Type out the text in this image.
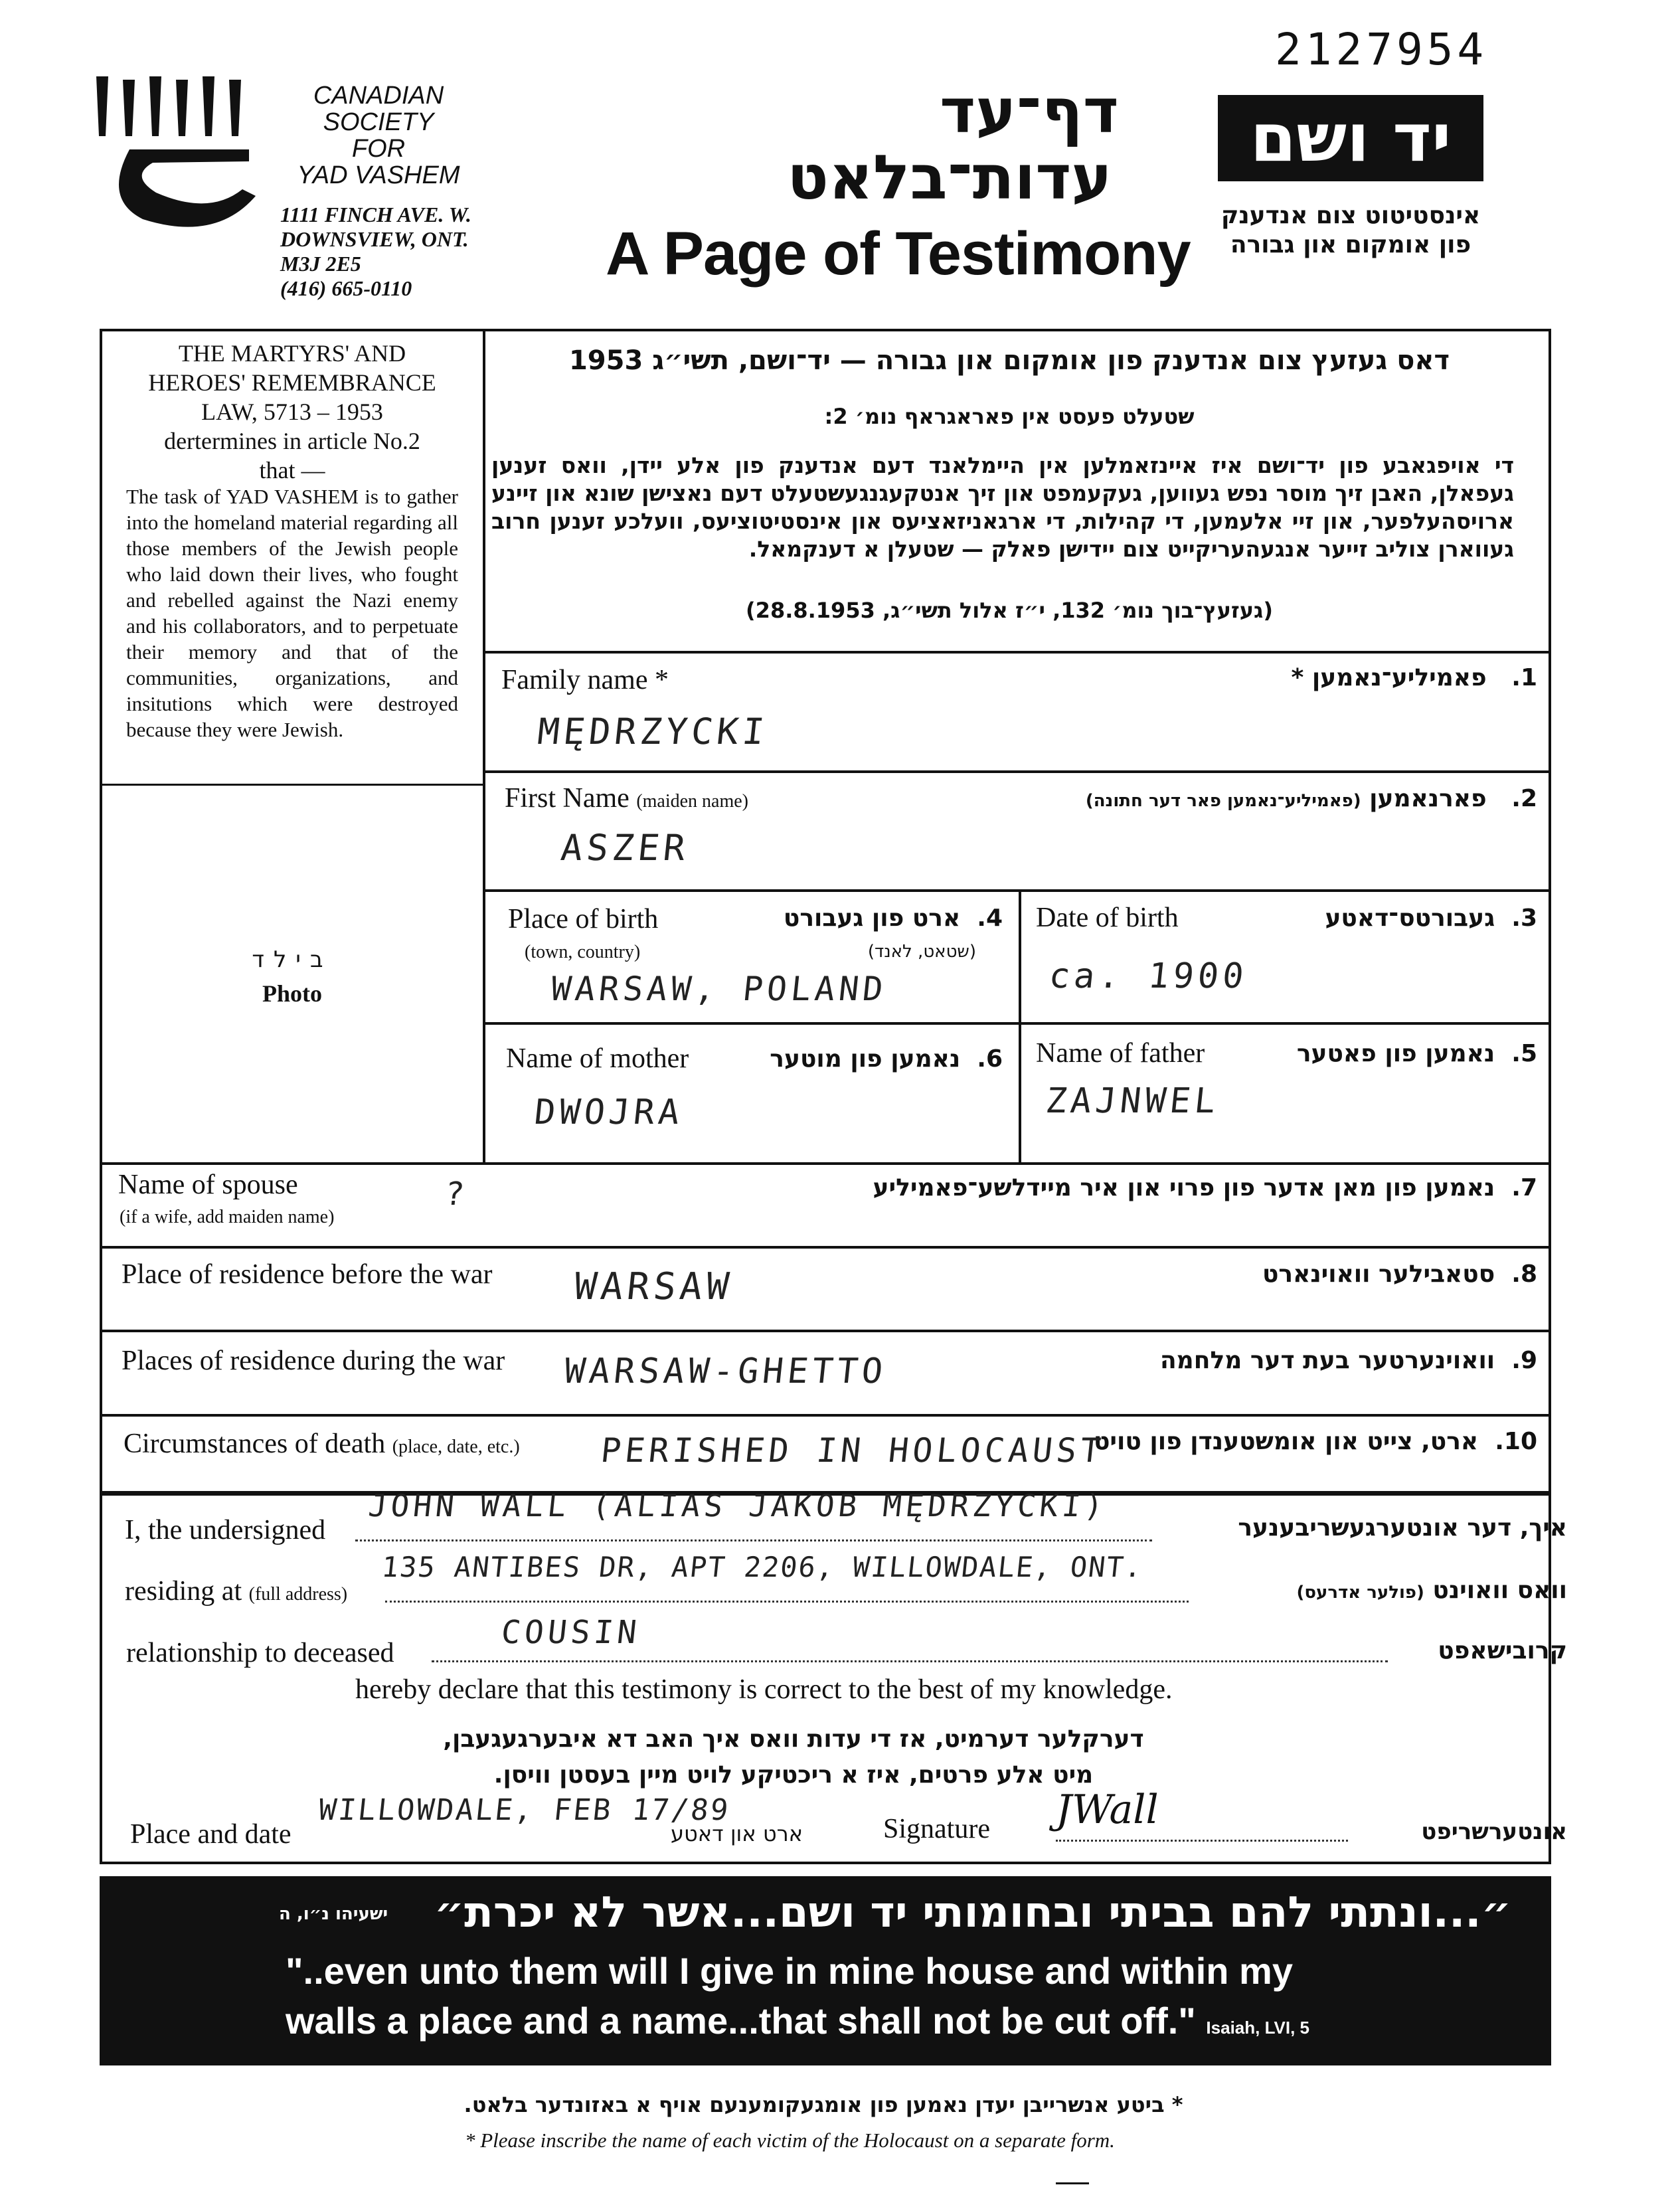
2127954
CANADIAN
SOCIETY
FOR
YAD VASHEM
1111 FINCH AVE. W.
DOWNSVIEW, ONT.
M3J 2E5
(416) 665-0110
דף־עד
עדות־בלאט
A Page of Testimony
יד ושם
אינסטיטוט צום אנדענק
פון אומקום און גבורה
THE MARTYRS' AND
HEROES' REMEMBRANCE
LAW, 5713 – 1953
dertermines in article No.2
that —
The task of YAD VASHEM is to gather into the homeland material regarding all those members of the Jewish people who laid down their lives, who fought and rebelled against the Nazi enemy and his collaborators, and to perpetuate their memory and that of the communities, organizations, and insitutions which were destroyed because they were Jewish.
דאס געזעץ צום אנדענק פון אומקום און גבורה — יד־ושם, תשי״ג 1953
שטעלט פעסט אין פאראגראף נומ׳ 2:
די אויפגאבע פון יד־ושם איז איינזאמלען אין היימלאנד דעם אנדענק פון אלע יידן, וואס זענען געפאלן, האבן זיך מוסר נפש געווען, געקעמפט און זיך אנטקעגנגעשטעלט דעם נאצישן שונא און זיינע ארויסהעלפער, און זיי אלעמען, די קהילות, די ארגאניזאציעס און אינסטיטוציעס, וועלכע זענען חרוב געווארן צוליב זייער אנגעהעריקייט צום יידישן פאלק — שטעלן א דענקמאל.
(געזעץ־בוך נומ׳ 132, י״ז אלול תשי״ג, 28.8.1953)
בילד
Photo
Family name *	1.   פאמיליע־נאמען *
MĘDRZYCKI
First Name (maiden name)	2.   פארנאמען (פאמיליע־נאמען פאר דער חתונה)
ASZER
Place of birth
(town, country)
4.  ארט פון געבורט
(שטאט, לאנד)
WARSAW, POLAND
Date of birth	3.  געבורטס־דאטע
ca. 1900
Name of mother	6.  נאמען פון מוטער
DWOJRA
Name of father	5.  נאמען פון פאטער
ZAJNWEL
Name of spouse
(if a wife, add maiden name)
7.  נאמען פון מאן אדער פון פרוי און איר מיידלשע־פאמיליע
?
Place of residence before the war	8.  סטאבילער וואוינארט
WARSAW
Places of residence during the war	9.  וואוינערטער בעת דער מלחמה
WARSAW-GHETTO
Circumstances of death (place, date, etc.)	10.  ארט, צייט און אומשטענדן פון טויט
PERISHED IN HOLOCAUST
I, the undersigned
JOHN WALL (ALIAS JAKOB MĘDRZYCKI)
איך, דער אונטערגעשריבענער
residing at (full address)
135 ANTIBES DR, APT 2206, WILLOWDALE, ONT.
וואס וואוינט (פולער אדרעס)
relationship to deceased
COUSIN	קרובישאפט
hereby declare that this testimony is correct to the best of my knowledge.
דערקלער דערמיט, אז די עדות וואס איך האב דא איבערגעגעבן,
מיט אלע פרטים, איז א ריכטיקע לויט מיין בעסטן וויסן.
Place and date
WILLOWDALE, FEB 17/89
ארט און דאטע	Signature JWall	אונטערשריפט
״...ונתתי להם בביתי ובחומותי יד ושם...אשר לא יכרת״
ישעיהו נ״ו, ה
"..even unto them will I give in mine house and within my
walls a place and a name...that shall not be cut off." Isaiah, LVI, 5
* ביטע אנשרייבן יעדן נאמען פון אומגעקומענעם אויף א באזונדער בלאט.
* Please inscribe the name of each victim of the Holocaust on a separate form.
